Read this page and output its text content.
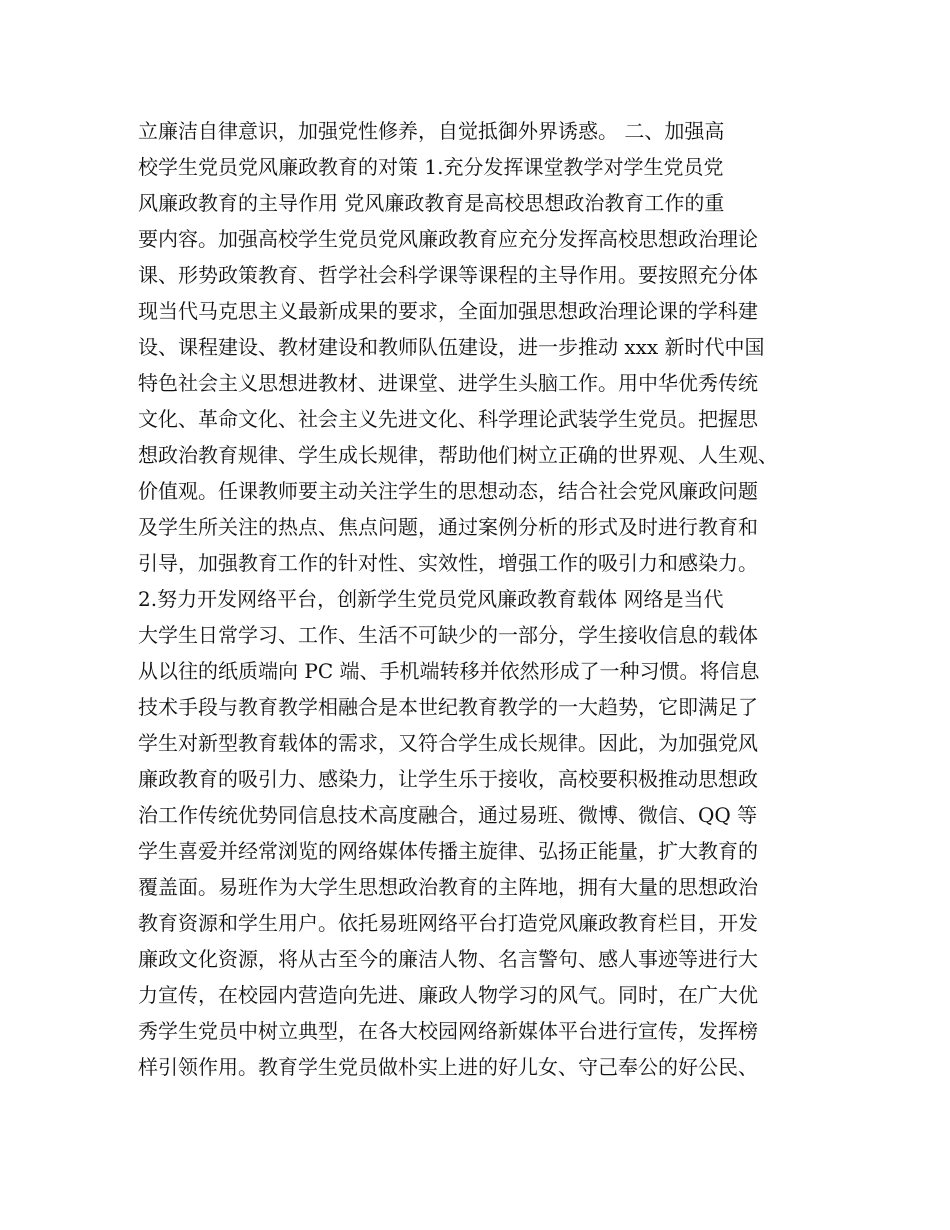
立廉洁自律意识，加强党性修养，自觉抵御外界诱惑。 二、加强高
校学生党员党风廉政教育的对策 1.充分发挥课堂教学对学生党员党
风廉政教育的主导作用 党风廉政教育是高校思想政治教育工作的重
要内容。加强高校学生党员党风廉政教育应充分发挥高校思想政治理论
课、形势政策教育、哲学社会科学课等课程的主导作用。要按照充分体
现当代马克思主义最新成果的要求，全面加强思想政治理论课的学科建
设、课程建设、教材建设和教师队伍建设，进一步推动 xxx 新时代中国
特色社会主义思想进教材、进课堂、进学生头脑工作。用中华优秀传统
文化、革命文化、社会主义先进文化、科学理论武装学生党员。把握思
想政治教育规律、学生成长规律，帮助他们树立正确的世界观、人生观、
价值观。任课教师要主动关注学生的思想动态，结合社会党风廉政问题
及学生所关注的热点、焦点问题，通过案例分析的形式及时进行教育和
引导，加强教育工作的针对性、实效性，增强工作的吸引力和感染力。
2.努力开发网络平台，创新学生党员党风廉政教育载体 网络是当代
大学生日常学习、工作、生活不可缺少的一部分，学生接收信息的载体
从以往的纸质端向 PC 端、手机端转移并依然形成了一种习惯。将信息
技术手段与教育教学相融合是本世纪教育教学的一大趋势，它即满足了
学生对新型教育载体的需求，又符合学生成长规律。因此，为加强党风
廉政教育的吸引力、感染力，让学生乐于接收，高校要积极推动思想政
治工作传统优势同信息技术高度融合，通过易班、微博、微信、QQ 等
学生喜爱并经常浏览的网络媒体传播主旋律、弘扬正能量，扩大教育的
覆盖面。易班作为大学生思想政治教育的主阵地，拥有大量的思想政治
教育资源和学生用户。依托易班网络平台打造党风廉政教育栏目，开发
廉政文化资源，将从古至今的廉洁人物、名言警句、感人事迹等进行大
力宣传，在校园内营造向先进、廉政人物学习的风气。同时，在广大优
秀学生党员中树立典型，在各大校园网络新媒体平台进行宣传，发挥榜
样引领作用。教育学生党员做朴实上进的好儿女、守己奉公的好公民、
